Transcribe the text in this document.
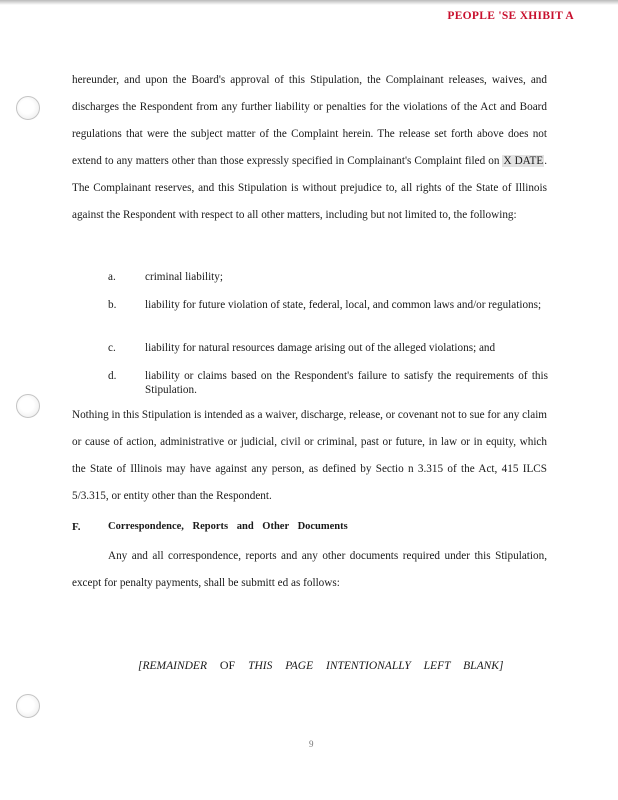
PEOPLE 'SE XHIBIT A
hereunder, and upon the Board's approval of this Stipulation, the Complainant releases, waives, and discharges the Respondent from any further liability or penalties for the violations of the Act and Board regulations that were the subject matter of the Complaint herein. The release set forth above does not extend to any matters other than those expressly specified in Complainant's Complaint filed on X DATE. The Complainant reserves, and this Stipulation is without prejudice to, all rights of the State of Illinois against the Respondent with respect to all other matters, including but not limited to, the following:
a.	criminal liability;
b.	liability for future violation of state, federal, local, and common laws and/or regulations;
c.	liability for natural resources damage arising out of the alleged violations; and
d.	liability or claims based on the Respondent's failure to satisfy the requirements of this Stipulation.
Nothing in this Stipulation is intended as a waiver, discharge, release, or covenant not to sue for any claim or cause of action, administrative or judicial, civil or criminal, past or future, in law or in equity, which the State of Illinois may have against any person, as defined by Sectio n 3.315 of the Act, 415 ILCS 5/3.315, or entity other than the Respondent.
F.	Correspondence, Reports and Other Documents
Any and all correspondence, reports and any other documents required under this Stipulation, except for penalty payments, shall be submitt ed as follows:
[REMAINDER OF THIS PAGE INTENTIONALLY LEFT BLANK]
9
